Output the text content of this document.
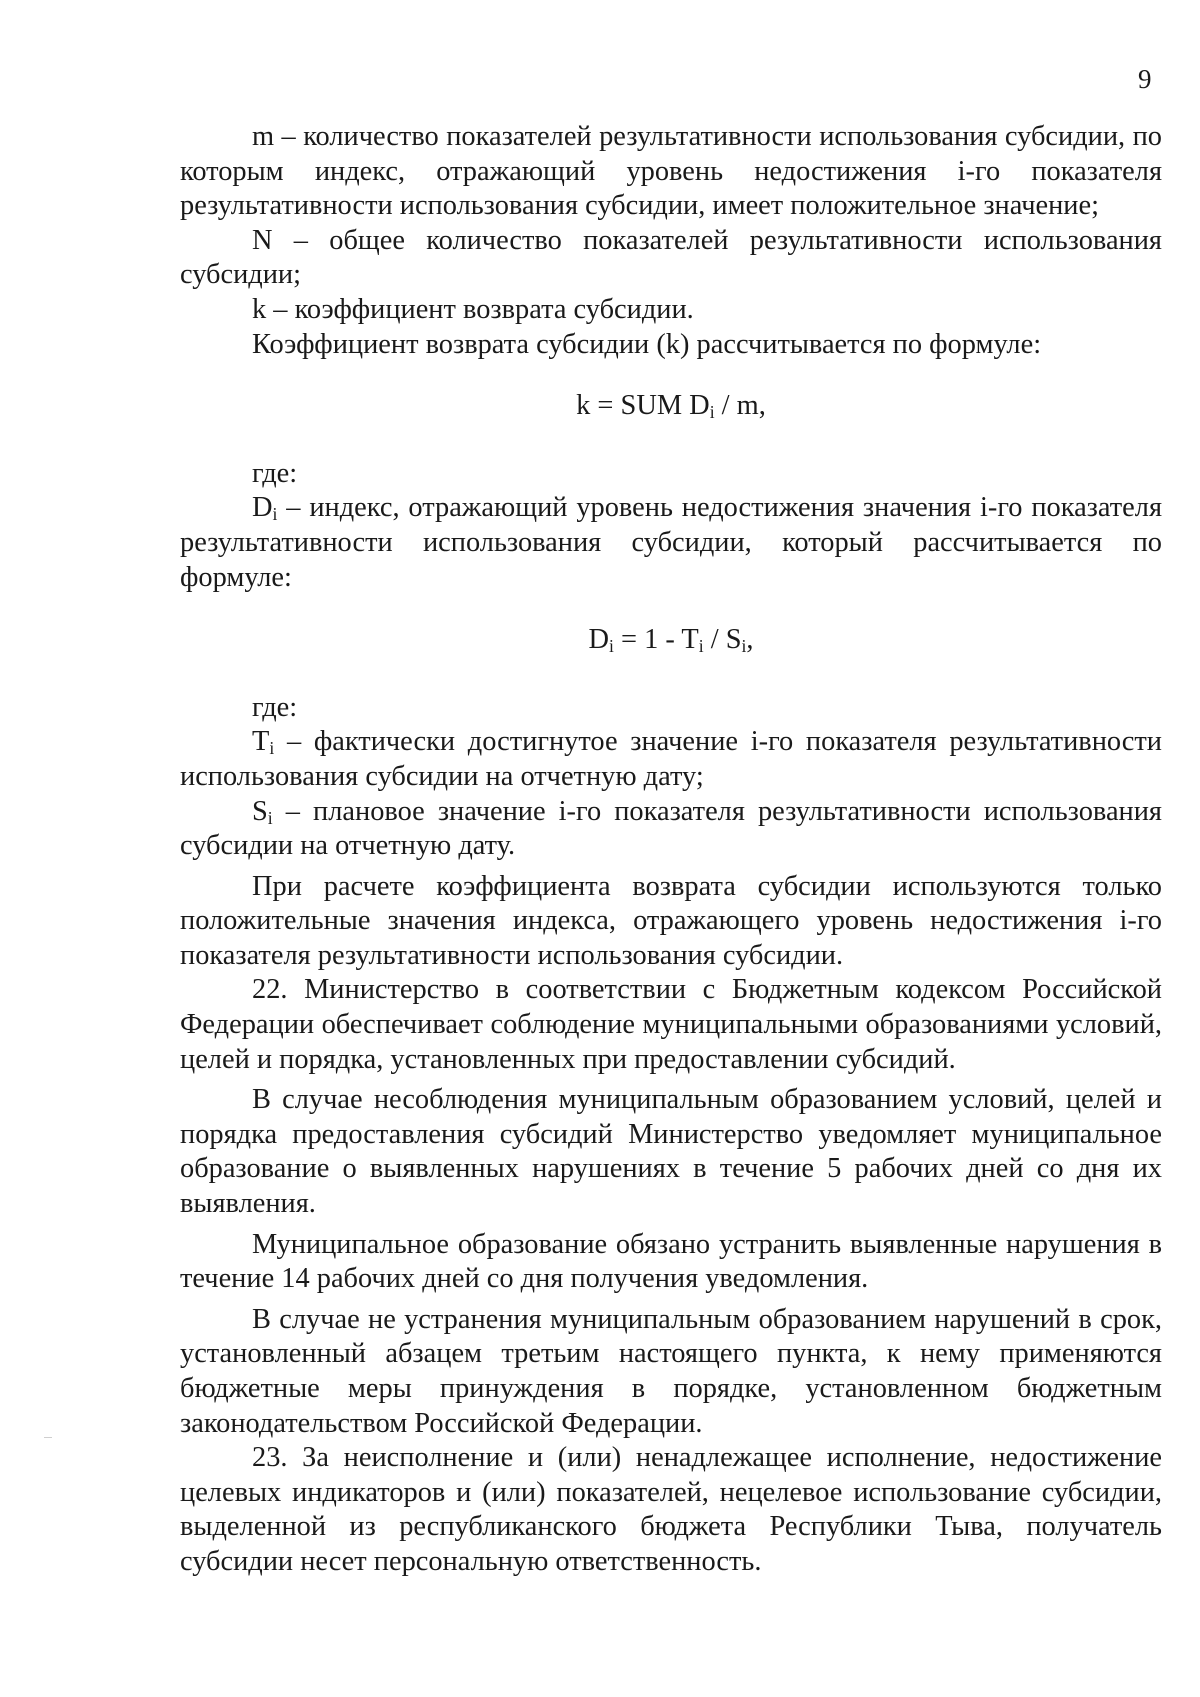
9

m – количество показателей результативности использования субсидии, по которым индекс, отражающий уровень недостижения i-го показателя результативности использования субсидии, имеет положительное значение;

N – общее количество показателей результативности использования субсидии;

k – коэффициент возврата субсидии.

Коэффициент возврата субсидии (k) рассчитывается по формуле:

k = SUM $D_i$ / m,

где:

$D_i$ – индекс, отражающий уровень недостижения значения i-го показателя результативности использования субсидии, который рассчитывается по формуле:

$D_i = 1 - T_i / S_i$,

где:

$T_i$ – фактически достигнутое значение i-го показателя результативности использования субсидии на отчетную дату;

$S_i$ – плановое значение i-го показателя результативности использования субсидии на отчетную дату.

При расчете коэффициента возврата субсидии используются только положительные значения индекса, отражающего уровень недостижения i-го показателя результативности использования субсидии.

22. Министерство в соответствии с Бюджетным кодексом Российской Федерации обеспечивает соблюдение муниципальными образованиями условий, целей и порядка, установленных при предоставлении субсидий.

В случае несоблюдения муниципальным образованием условий, целей и порядка предоставления субсидий Министерство уведомляет муниципальное образование о выявленных нарушениях в течение 5 рабочих дней со дня их выявления.

Муниципальное образование обязано устранить выявленные нарушения в течение 14 рабочих дней со дня получения уведомления.

В случае не устранения муниципальным образованием нарушений в срок, установленный абзацем третьим настоящего пункта, к нему применяются бюджетные меры принуждения в порядке, установленном бюджетным законодательством Российской Федерации.

23. За неисполнение и (или) ненадлежащее исполнение, недостижение целевых индикаторов и (или) показателей, нецелевое использование субсидии, выделенной из республиканского бюджета Республики Тыва, получатель субсидии несет персональную ответственность.
